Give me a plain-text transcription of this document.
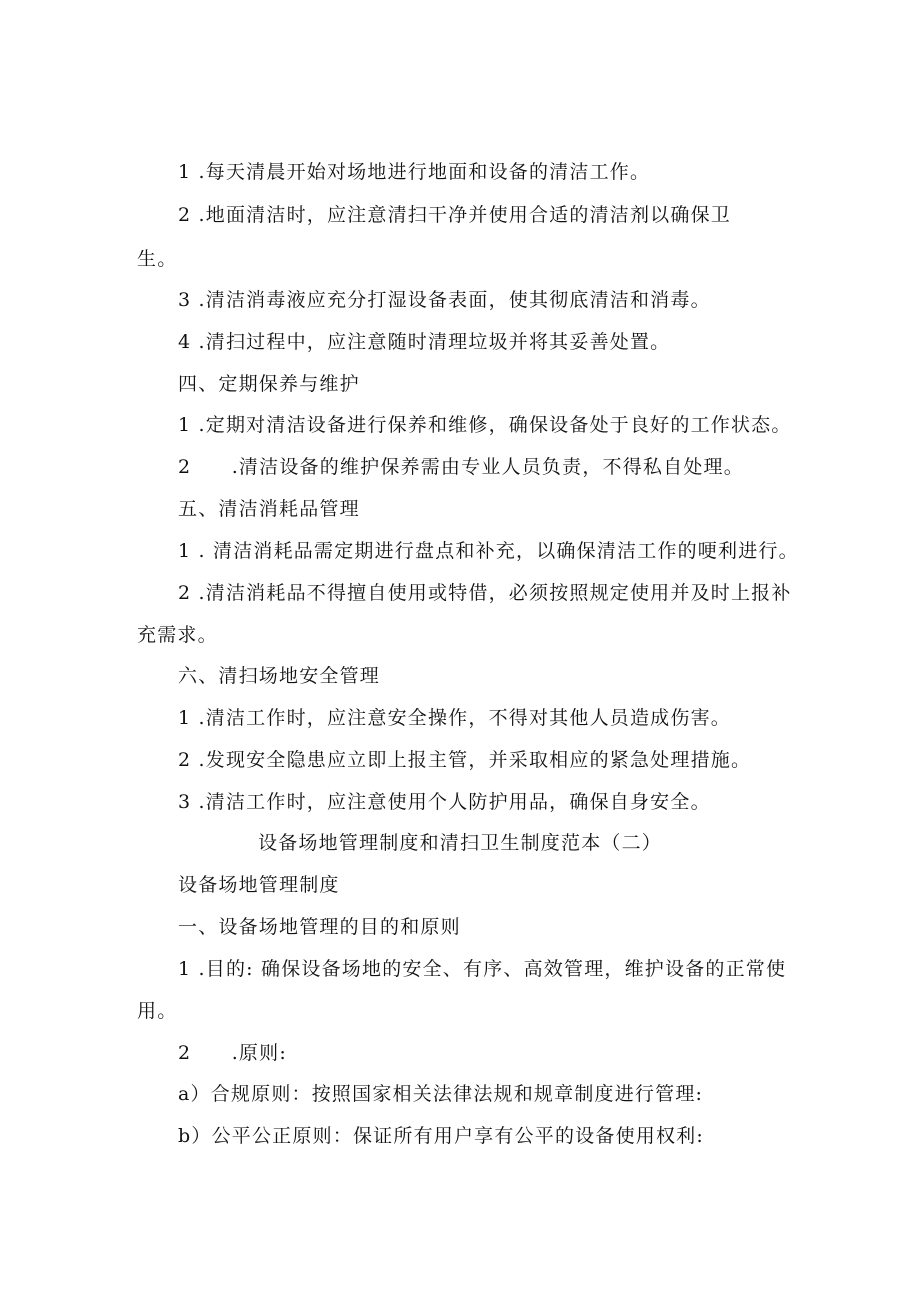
1 .每天清晨开始对场地进行地面和设备的清洁工作。
2 .地面清洁时，应注意清扫干净并使用合适的清洁剂以确保卫
生。
3 .清洁消毒液应充分打湿设备表面，使其彻底清洁和消毒。
4 .清扫过程中，应注意随时清理垃圾并将其妥善处置。
四、定期保养与维护
1 .定期对清洁设备进行保养和维修，确保设备处于良好的工作状态。
2　　.清洁设备的维护保养需由专业人员负责，不得私自处理。
五、清洁消耗品管理
1 . 清洁消耗品需定期进行盘点和补充，以确保清洁工作的哽利进行。
2 .清洁消耗品不得擅自使用或特借，必须按照规定使用并及时上报补
充需求。
六、清扫场地安全管理
1 .清洁工作时，应注意安全操作，不得对其他人员造成伤害。
2 .发现安全隐患应立即上报主管，并采取相应的紧急处理措施。
3 .清洁工作时，应注意使用个人防护用品，确保自身安全。
设备场地管理制度和清扫卫生制度范本（二）
设备场地管理制度
一、设备场地管理的目的和原则
1 .目的: 确保设备场地的安全、有序、高效管理，维护设备的正常使
用。
2　　.原则:
a）合规原则：按照国家相关法律法规和规章制度进行管理:
b）公平公正原则：保证所有用户享有公平的设备使用权利:
